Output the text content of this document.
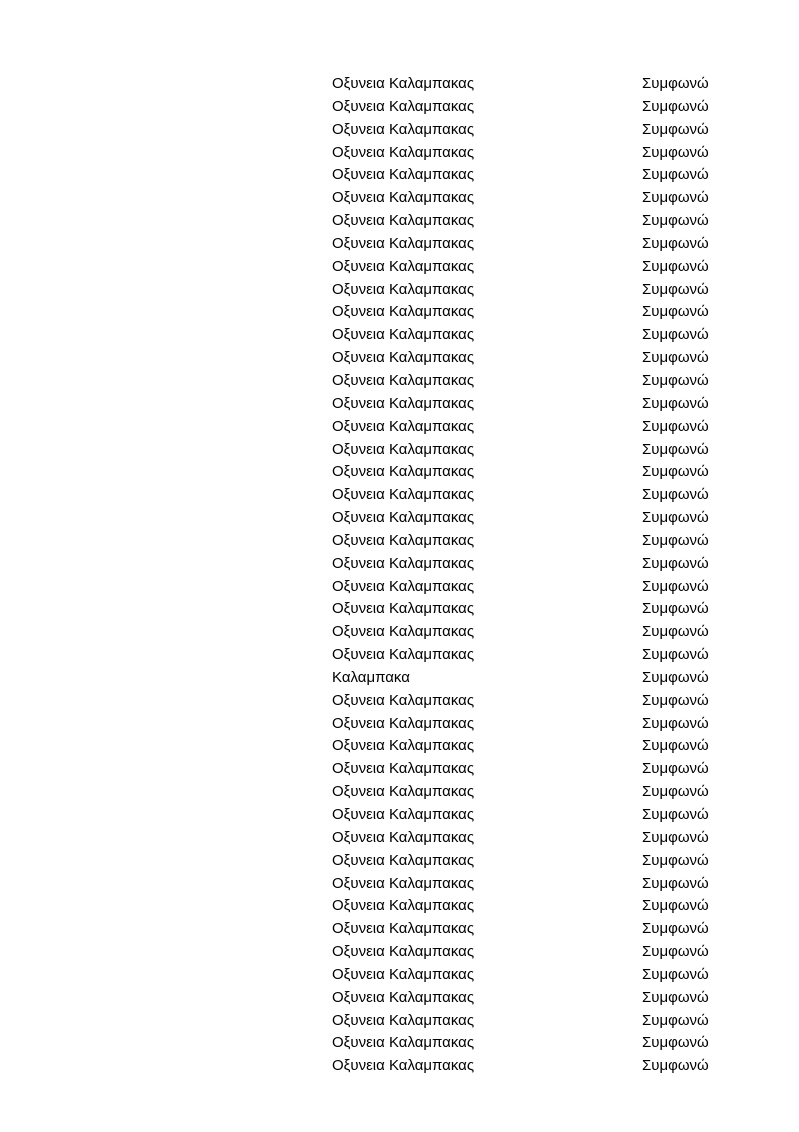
Οξυνεια Καλαμπακας	Συμφωνώ
Οξυνεια Καλαμπακας	Συμφωνώ
Οξυνεια Καλαμπακας	Συμφωνώ
Οξυνεια Καλαμπακας	Συμφωνώ
Οξυνεια Καλαμπακας	Συμφωνώ
Οξυνεια Καλαμπακας	Συμφωνώ
Οξυνεια Καλαμπακας	Συμφωνώ
Οξυνεια Καλαμπακας	Συμφωνώ
Οξυνεια Καλαμπακας	Συμφωνώ
Οξυνεια Καλαμπακας	Συμφωνώ
Οξυνεια Καλαμπακας	Συμφωνώ
Οξυνεια Καλαμπακας	Συμφωνώ
Οξυνεια Καλαμπακας	Συμφωνώ
Οξυνεια Καλαμπακας	Συμφωνώ
Οξυνεια Καλαμπακας	Συμφωνώ
Οξυνεια Καλαμπακας	Συμφωνώ
Οξυνεια Καλαμπακας	Συμφωνώ
Οξυνεια Καλαμπακας	Συμφωνώ
Οξυνεια Καλαμπακας	Συμφωνώ
Οξυνεια Καλαμπακας	Συμφωνώ
Οξυνεια Καλαμπακας	Συμφωνώ
Οξυνεια Καλαμπακας	Συμφωνώ
Οξυνεια Καλαμπακας	Συμφωνώ
Οξυνεια Καλαμπακας	Συμφωνώ
Οξυνεια Καλαμπακας	Συμφωνώ
Οξυνεια Καλαμπακας	Συμφωνώ
Καλαμπακα	Συμφωνώ
Οξυνεια Καλαμπακας	Συμφωνώ
Οξυνεια Καλαμπακας	Συμφωνώ
Οξυνεια Καλαμπακας	Συμφωνώ
Οξυνεια Καλαμπακας	Συμφωνώ
Οξυνεια Καλαμπακας	Συμφωνώ
Οξυνεια Καλαμπακας	Συμφωνώ
Οξυνεια Καλαμπακας	Συμφωνώ
Οξυνεια Καλαμπακας	Συμφωνώ
Οξυνεια Καλαμπακας	Συμφωνώ
Οξυνεια Καλαμπακας	Συμφωνώ
Οξυνεια Καλαμπακας	Συμφωνώ
Οξυνεια Καλαμπακας	Συμφωνώ
Οξυνεια Καλαμπακας	Συμφωνώ
Οξυνεια Καλαμπακας	Συμφωνώ
Οξυνεια Καλαμπακας	Συμφωνώ
Οξυνεια Καλαμπακας	Συμφωνώ
Οξυνεια Καλαμπακας	Συμφωνώ
